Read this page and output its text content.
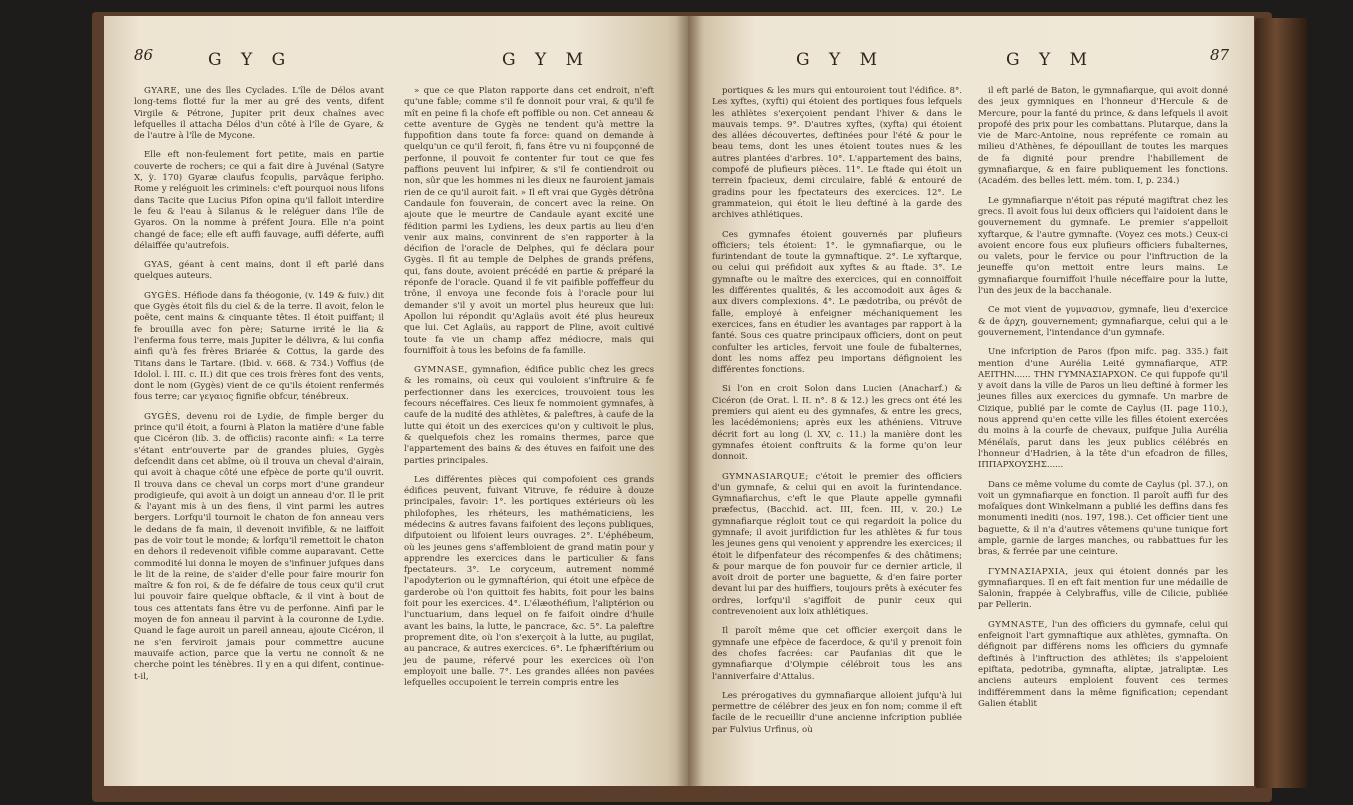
86	G Y G	G Y M

GYARE, une des îles Cyclades. L'île de Délos avant long-tems flotté fur la mer au gré des vents, difent Virgile & Pétrone, Jupiter prit deux chaînes avec lefquelles il attacha Délos d'un côté à l'île de Gyare, & de l'autre à l'île de Mycone.

Elle eft non-feulement fort petite, mais en partie couverte de rochers; ce qui a fait dire à Juvénal (Satyre X, ỳ. 170) Gyaræ claufus fcopulis, parvâque feripho. Rome y reléguoit les criminels: c'eft pourquoi nous lifons dans Tacite que Lucius Pifon opina qu'il falloit interdire le feu & l'eau à Silanus & le reléguer dans l'île de Gyaros. On la nomme à préfent Joura. Elle n'a point changé de face; elle eft auffi fauvage, auffi déferte, auffi délaiffée qu'autrefois.

GYAS, géant à cent mains, dont il eft parlé dans quelques auteurs.

GYGÈS. Héfiode dans fa théogonie, (v. 149 & fuiv.) dit que Gygès étoit fils du ciel & de la terre. Il avoit, felon le poëte, cent mains & cinquante têtes. Il étoit puiffant; il fe brouilla avec fon père; Saturne irrité le lia & l'enferma fous terre, mais Jupiter le délivra, & lui confia ainfi qu'à fes frères Briarée & Cottus, la garde des Titans dans le Tartare. (Ibid. v. 668. & 734.) Voffius (de Idolol. l. III. c. II.) dit que ces trois frères font des vents, dont le nom (Gygès) vient de ce qu'ils étoient renfermés fous terre; car γεγαιος fignifie obfcur, ténébreux.

GYGÈS, devenu roi de Lydie, de fimple berger du prince qu'il étoit, a fourni à Platon la matière d'une fable que Cicéron (lib. 3. de officiis) raconte ainfi: « La terre s'étant entr'ouverte par de grandes pluies, Gygès defcendit dans cet abîme, où il trouva un cheval d'airain, qui avoit à chaque côté une efpèce de porte qu'il ouvrit. Il trouva dans ce cheval un corps mort d'une grandeur prodigieufe, qui avoit à un doigt un anneau d'or. Il le prit & l'ayant mis à un des fiens, il vint parmi les autres bergers. Lorfqu'il tournoit le chaton de fon anneau vers le dedans de fa main, il devenoit invifible, & ne laiffoit pas de voir tout le monde; & lorfqu'il remettoit le chaton en dehors il redevenoit vifible comme auparavant. Cette commodité lui donna le moyen de s'infinuer jufques dans le lit de la reine, de s'aider d'elle pour faire mourir fon maître & fon roi, & de fe défaire de tous ceux qu'il crut lui pouvoir faire quelque obftacle, & il vint à bout de tous ces attentats fans être vu de perfonne. Ainfi par le moyen de fon anneau il parvint à la couronne de Lydie. Quand le fage auroit un pareil anneau, ajoute Cicéron, il ne s'en ferviroit jamais pour commettre aucune mauvaife action, parce que la vertu ne connoît & ne cherche point les ténèbres. Il y en a qui difent, continue-t-il,

» que ce que Platon rapporte dans cet endroit, n'eft qu'une fable; comme s'il fe donnoit pour vrai, & qu'il fe mît en peine fi la chofe eft poffible ou non. Cet anneau & cette aventure de Gygès ne tendent qu'à mettre la fuppofition dans toute fa force: quand on demande à quelqu'un ce qu'il feroit, fi, fans être vu ni foupçonné de perfonne, il pouvoit fe contenter fur tout ce que fes paffions peuvent lui infpirer, & s'il fe contiendroit ou non, sûr que les hommes ni les dieux ne fauroient jamais rien de ce qu'il auroit fait. » Il eft vrai que Gygès détrôna Candaule fon fouverain, de concert avec la reine. On ajoute que le meurtre de Candaule ayant excité une fédition parmi les Lydiens, les deux partis au lieu d'en venir aux mains, convinrent de s'en rapporter à la décifion de l'oracle de Delphes, qui fe déclara pour Gygès. Il fit au temple de Delphes de grands préfens, qui, fans doute, avoient précédé en partie & préparé la réponfe de l'oracle. Quand il fe vit paifible poffeffeur du trône, il envoya une feconde fois à l'oracle pour lui demander s'il y avoit un mortel plus heureux que lui: Apollon lui répondit qu'Aglaüs avoit été plus heureux que lui. Cet Aglaüs, au rapport de Pline, avoit cultivé toute fa vie un champ affez médiocre, mais qui fourniffoit à tous les befoins de fa famille.

GYMNASE, gymnafion, édifice public chez les grecs & les romains, où ceux qui vouloient s'inftruire & fe perfectionner dans les exercices, trouvoient tous les fecours néceffaires. Ces lieux fe nommoient gymnafes, à caufe de la nudité des athlètes, & paleftres, à caufe de la lutte qui étoit un des exercices qu'on y cultivoit le plus, & quelquefois chez les romains thermes, parce que l'appartement des bains & des étuves en faifoit une des parties principales.

Les différentes pièces qui compofoient ces grands édifices peuvent, fuivant Vitruve, fe réduire à douze principales, favoir: 1°. les portiques extérieurs où les philofophes, les rhéteurs, les mathématiciens, les médecins & autres favans faifoient des leçons publiques, difputoient ou lifoient leurs ouvrages. 2°. L'éphébeum, où les jeunes gens s'affembloient de grand matin pour y apprendre les exercices dans le particulier & fans fpectateurs. 3°. Le coryceum, autrement nommé l'apodyterion ou le gymnaftérion, qui étoit une efpèce de garderobe où l'on quittoit fes habits, foit pour les bains foit pour les exercices. 4°. L'élæothéfium, l'aliptérion ou l'unctuarium, dans lequel on fe faifoit oindre d'huile avant les bains, la lutte, le pancrace, &c. 5°. La paleftre proprement dite, où l'on s'exerçoit à la lutte, au pugilat, au pancrace, & autres exercices. 6°. Le fphæriftérium ou jeu de paume, réfervé pour les exercices où l'on employoit une balle. 7°. Les grandes allées non pavées lefquelles occupoient le terrein compris entre les

G Y M	G Y M	87

portiques & les murs qui entouroient tout l'édifice. 8°. Les xyftes, (xyfti) qui étoient des portiques fous lefquels les athlètes s'exerçoient pendant l'hiver & dans le mauvais temps. 9°. D'autres xyftes, (xyfta) qui étoient des allées découvertes, deftinées pour l'été & pour le beau tems, dont les unes étoient toutes nues & les autres plantées d'arbres. 10°. L'appartement des bains, compofé de plufieurs pièces. 11°. Le ftade qui étoit un terrein fpacieux, demi circulaire, fablé & entouré de gradins pour les fpectateurs des exercices. 12°. Le grammateion, qui étoit le lieu deftiné à la garde des archives athlétiques.

Ces gymnafes étoient gouvernés par plufieurs officiers; tels étoient: 1°. le gymnafiarque, ou le furintendant de toute la gymnaftique. 2°. Le xyftarque, ou celui qui préfidoit aux xyftes & au ftade. 3°. Le gymnafte ou le maître des exercices, qui en connoiffoit les différentes qualités, & les accomodoit aux âges & aux divers complexions. 4°. Le pædotriba, ou prévôt de falle, employé à enfeigner méchaniquement les exercices, fans en étudier les avantages par rapport à la fanté. Sous ces quatre principaux officiers, dont on peut confulter les articles, fervoit une foule de fubalternes, dont les noms affez peu importans défignoient les différentes fonctions.

Si l'on en croit Solon dans Lucien (Anacharf.) & Cicéron (de Orat. l. II. n°. 8 & 12.) les grecs ont été les premiers qui aient eu des gymnafes, & entre les grecs, les lacédémoniens; après eux les athéniens. Vitruve décrit fort au long (l. XV, c. 11.) la manière dont les gymnafes étoient conftruits & la forme qu'on leur donnoit.

GYMNASIARQUE; c'étoit le premier des officiers d'un gymnafe, & celui qui en avoit la furintendance. Gymnafiarchus, c'eft le que Plaute appelle gymnafii præfectus, (Bacchid. act. III, fcen. III, v. 20.) Le gymnafiarque régloit tout ce qui regardoit la police du gymnafe; il avoit jurifdiction fur les athlètes & fur tous les jeunes gens qui venoient y apprendre les exercices; il étoit le difpenfateur des récompenfes & des châtimens; & pour marque de fon pouvoir fur ce dernier article, il avoit droit de porter une baguette, & d'en faire porter devant lui par des huiffiers, toujours prêts à exécuter fes ordres, lorfqu'il s'agiffoit de punir ceux qui contrevenoient aux loix athlétiques.

Il paroît même que cet officier exerçoit dans le gymnafe une efpèce de facerdoce, & qu'il y prenoit foin des chofes facrées: car Paufanias dit que le gymnafiarque d'Olympie célébroit tous les ans l'anniverfaire d'Attalus.

Les prérogatives du gymnafiarque alloient jufqu'à lui permettre de célébrer des jeux en fon nom; comme il eft facile de le recueillir d'une ancienne infcription publiée par Fulvius Urfinus, où

il eft parlé de Baton, le gymnafiarque, qui avoit donné des jeux gymniques en l'honneur d'Hercule & de Mercure, pour la fanté du prince, & dans lefquels il avoit propofé des prix pour les combattans. Plutarque, dans la vie de Marc-Antoine, nous repréfente ce romain au milieu d'Athènes, fe dépouillant de toutes les marques de fa dignité pour prendre l'habillement de gymnafiarque, & en faire publiquement les fonctions. (Académ. des belles lett. mém. tom. I, p. 234.)

Le gymnafiarque n'étoit pas réputé magiftrat chez les grecs. Il avoit fous lui deux officiers qui l'aidoient dans le gouvernement du gymnafe. Le premier s'appelloit xyftarque, & l'autre gymnafte. (Voyez ces mots.) Ceux-ci avoient encore fous eux plufieurs officiers fubalternes, ou valets, pour le fervice ou pour l'inftruction de la jeuneffe qu'on mettoit entre leurs mains. Le gymnafiarque fourniffoit l'huile néceffaire pour la lutte, l'un des jeux de la bacchanale.

Ce mot vient de γυμνασιον, gymnafe, lieu d'exercice & de ἀρχη, gouvernement; gymnafiarque, celui qui a le gouvernement, l'intendance d'un gymnafe.

Une infcription de Paros (fpon mifc. pag. 335.) fait mention d'une Aurélia Leité gymnafiarque, ATP. AEITHN...... THN ΓΥΜΝΑΣΙΑΡΧΟΝ. Ce qui fuppofe qu'il y avoit dans la ville de Paros un lieu deftiné à former les jeunes filles aux exercices du gymnafe. Un marbre de Cizique, publié par le comte de Caylus (II. page 110.), nous apprend qu'en cette ville les filles étoient exercées du moins à la courfe de chevaux, puifque Julia Aurélia Ménélaïs, parut dans les jeux publics célébrés en l'honneur d'Hadrien, à la tête d'un efcadron de filles, ΙΠΠΑΡΧΟΥΣΗΣ......

Dans ce même volume du comte de Caylus (pl. 37.), on voit un gymnafiarque en fonction. Il paroît auffi fur des mofaïques dont Winkelmann a publié les deffins dans fes monumenti inediti (nos. 197, 198.). Cet officier tient une baguette, & il n'a d'autres vêtemens qu'une tunique fort ample, garnie de larges manches, ou rabbattues fur les bras, & ferrée par une ceinture.

ΓΥΜΝΑΣΙΑΡΧΙΑ, jeux qui étoient donnés par les gymnafiarques. Il en eft fait mention fur une médaille de Salonin, frappée à Celybraffus, ville de Cilicie, publiée par Pellerin.

GYMNASTE, l'un des officiers du gymnafe, celui qui enfeignoit l'art gymnaftique aux athlètes, gymnafta. On défignoit par différens noms les officiers du gymnafe deftinés à l'inftruction des athlètes; ils s'appeloient epiftata, pedotriba, gymnafta, aliptæ, jatraliptæ. Les anciens auteurs emploient fouvent ces termes indifféremment dans la même fignification; cependant Galien établit
